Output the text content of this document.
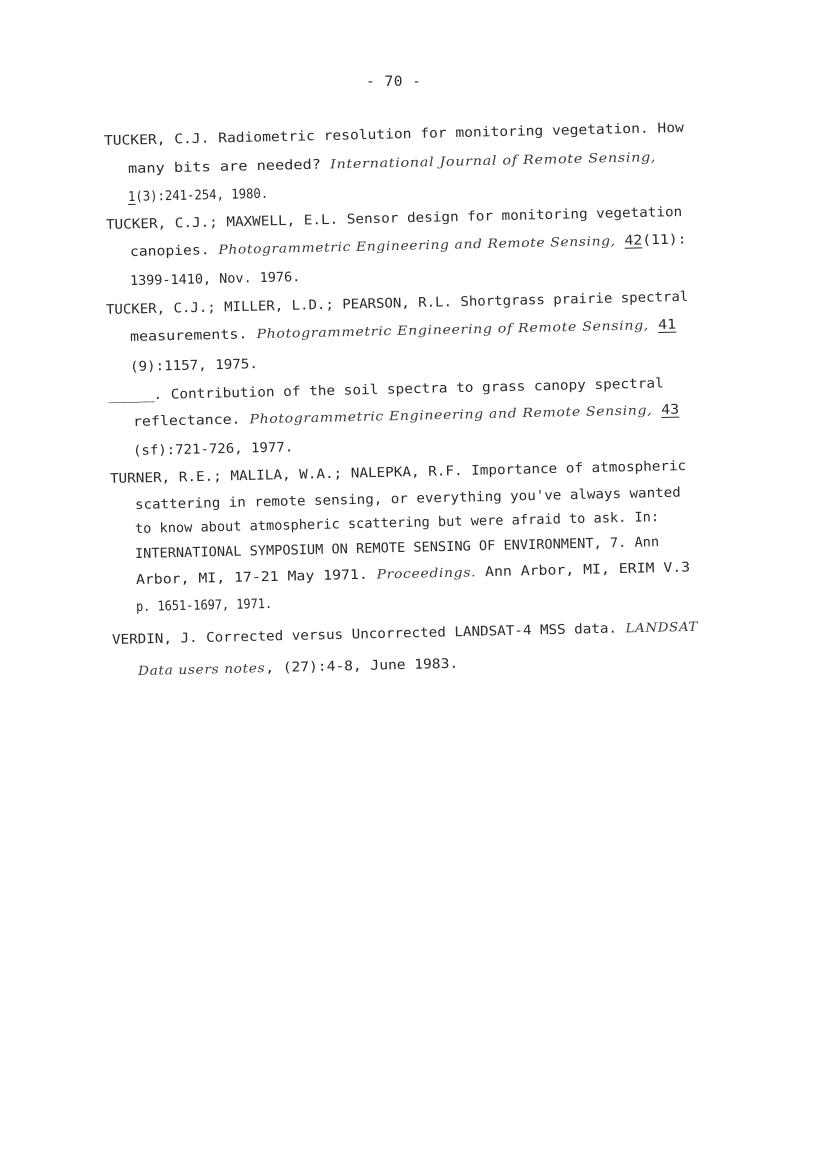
- 70 -
TUCKER, C.J. Radiometric resolution for monitoring vegetation. How
many bits are needed? International Journal of Remote Sensing,
1(3):241-254, 1980.
TUCKER, C.J.; MAXWELL, E.L. Sensor design for monitoring vegetation
canopies. Photogrammetric Engineering and Remote Sensing, 42(11):
1399-1410, Nov. 1976.
TUCKER, C.J.; MILLER, L.D.; PEARSON, R.L. Shortgrass prairie spectral
measurements. Photogrammetric Engineering of Remote Sensing, 41
(9):1157, 1975.
______. Contribution of the soil spectra to grass canopy spectral
reflectance. Photogrammetric Engineering and Remote Sensing, 43
(sf):721-726, 1977.
TURNER, R.E.; MALILA, W.A.; NALEPKA, R.F. Importance of atmospheric
scattering in remote sensing, or everything you've always wanted
to know about atmospheric scattering but were afraid to ask. In:
INTERNATIONAL SYMPOSIUM ON REMOTE SENSING OF ENVIRONMENT, 7. Ann
Arbor, MI, 17-21 May 1971. Proceedings. Ann Arbor, MI, ERIM V.3
p. 1651-1697, 1971.
VERDIN, J. Corrected versus Uncorrected LANDSAT-4 MSS data. LANDSAT
Data users notes, (27):4-8, June 1983.
